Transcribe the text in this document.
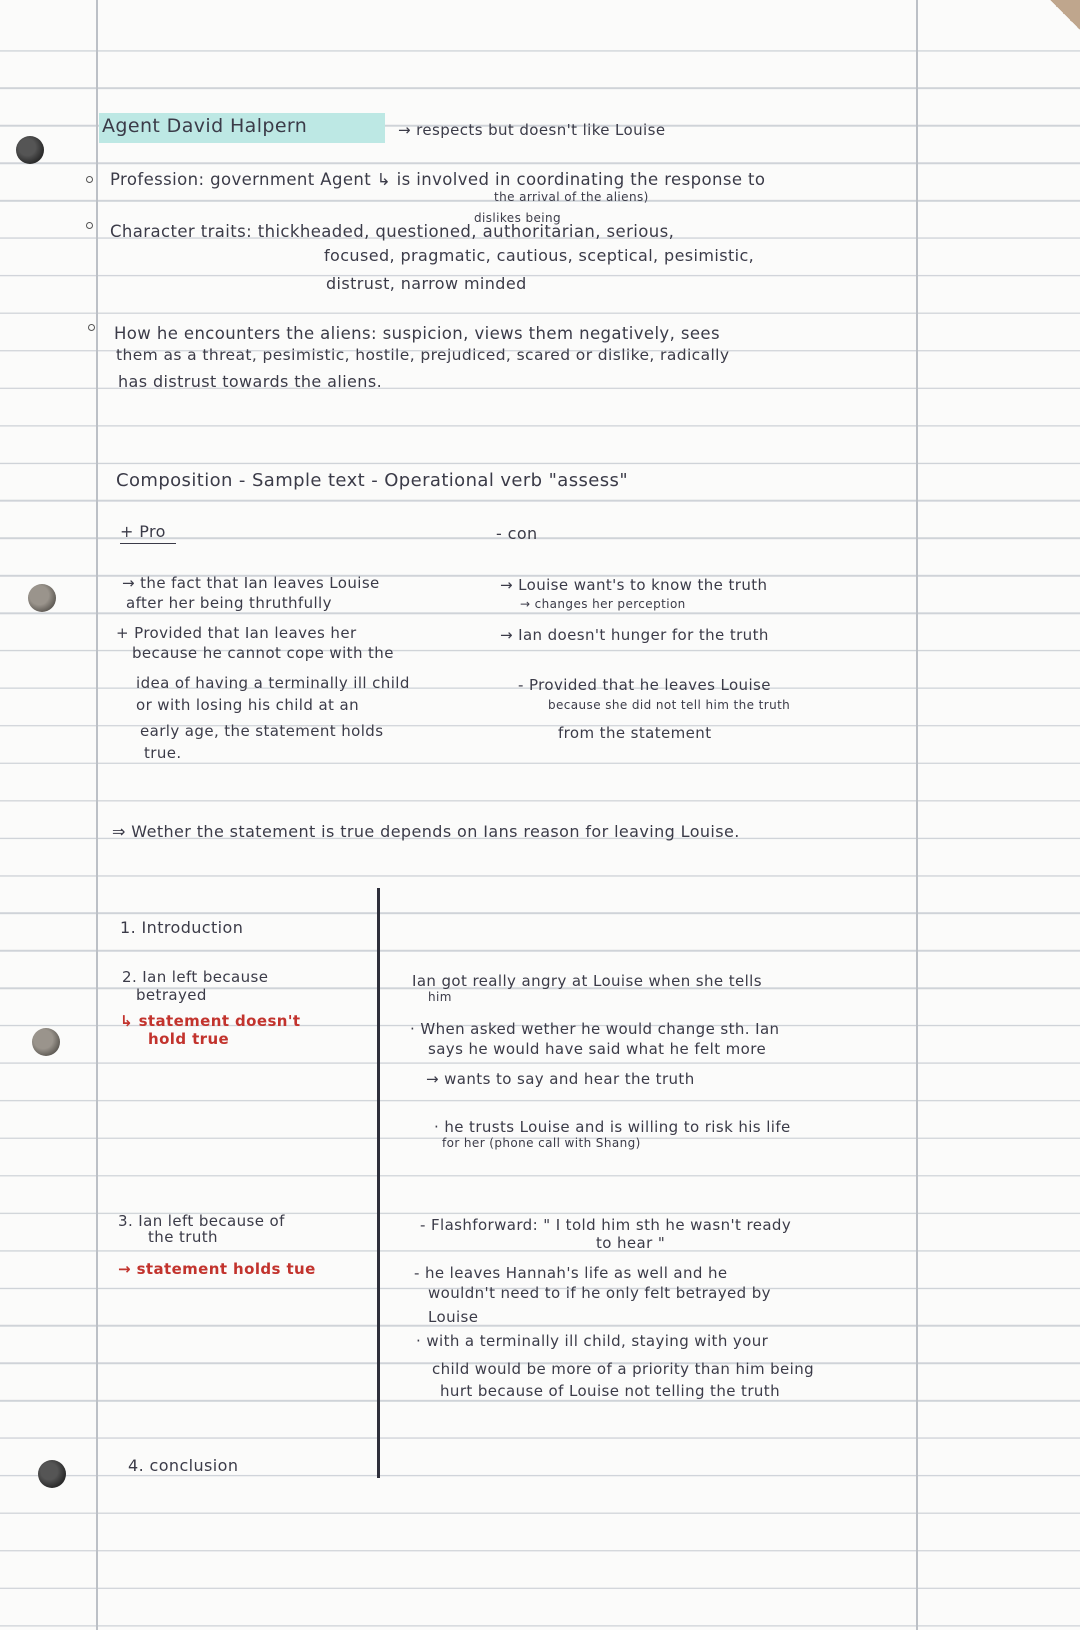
Agent David Halpern	→ respects but doesn't like Louise
Profession: government Agent ↳ is involved in coordinating the response to
the arrival of the aliens)
dislikes being
Character traits: thickheaded, questioned, authoritarian, serious,
focused, pragmatic, cautious, sceptical, pesimistic,
distrust, narrow minded
How he encounters the aliens: suspicion, views them negatively, sees
them as a threat, pesimistic, hostile, prejudiced, scared or dislike, radically
has distrust towards the aliens.
Composition - Sample text - Operational verb "assess"
+ Pro	- con
→ the fact that Ian leaves Louise
after her being thruthfully
+ Provided that Ian leaves her
because he cannot cope with the
idea of having a terminally ill child
or with losing his child at an
early age, the statement holds
true.
→ Louise want's to know the truth
→ changes her perception
→ Ian doesn't hunger for the truth
- Provided that he leaves Louise
because she did not tell him the truth
from the statement
⇒ Wether the statement is true depends on Ians reason for leaving Louise.
1. Introduction
2. Ian left because
betrayed
↳ statement doesn't
hold true
3. Ian left because of
the truth
→ statement holds tue
4. conclusion
Ian got really angry at Louise when she tells
him
· When asked wether he would change sth. Ian
says he would have said what he felt more
→ wants to say and hear the truth
· he trusts Louise and is willing to risk his life
for her (phone call with Shang)
- Flashforward: " I told him sth he wasn't ready
to hear "
- he leaves Hannah's life as well and he
wouldn't need to if he only felt betrayed by
Louise
· with a terminally ill child, staying with your
child would be more of a priority than him being
hurt because of Louise not telling the truth
